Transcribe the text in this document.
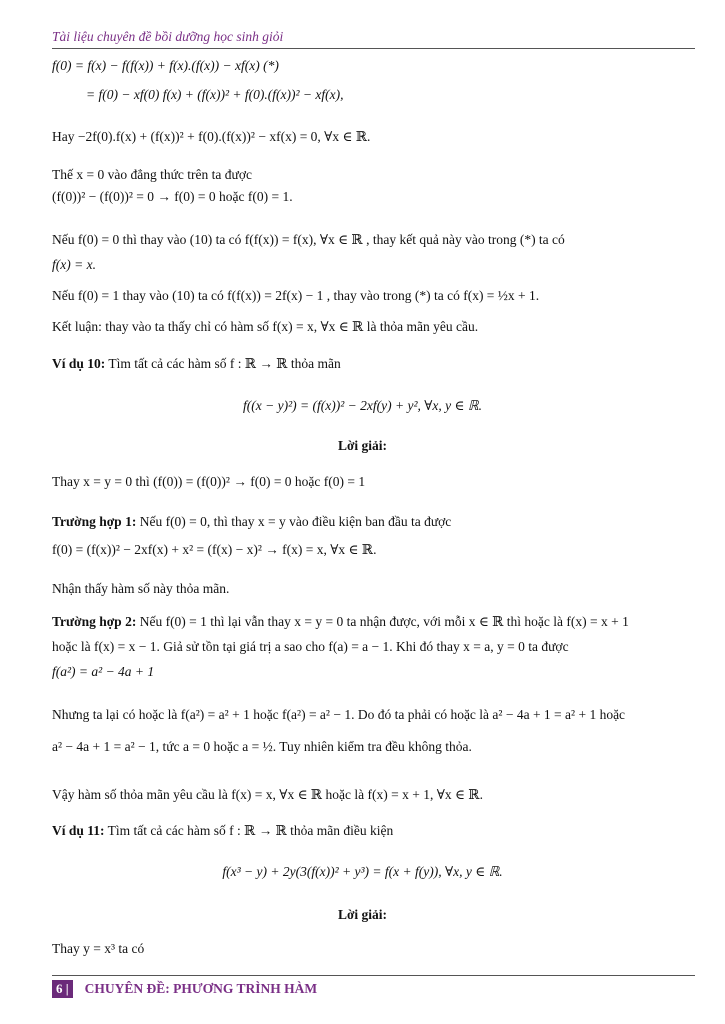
Tài liệu chuyên đề bồi dưỡng học sinh giỏi
f(0) = f(x) − f(f(x)) + f(x).(f(x)) − xf(x) (*)
= f(0) − xf(0) f(x) + (f(x))² + f(0).(f(x))² − xf(x),
Hay −2f(0).f(x) + (f(x))² + f(0).(f(x))² − xf(x) = 0, ∀x ∈ ℝ.
Thế x = 0 vào đẳng thức trên ta được
(f(0))² − (f(0))² = 0 → f(0) = 0 hoặc f(0) = 1.
Nếu f(0) = 0 thì thay vào (10) ta có f(f(x)) = f(x), ∀x ∈ ℝ , thay kết quả này vào trong (*) ta có
f(x) = x.
Nếu f(0) = 1 thay vào (10) ta có f(f(x)) = 2f(x) − 1 , thay vào trong (*) ta có f(x) = ½x + 1.
Kết luận: thay vào ta thấy chỉ có hàm số f(x) = x, ∀x ∈ ℝ là thỏa mãn yêu cầu.
Ví dụ 10: Tìm tất cả các hàm số f : ℝ → ℝ thỏa mãn
f((x − y)²) = (f(x))² − 2xf(y) + y², ∀x, y ∈ ℝ.
Lời giải:
Thay x = y = 0 thì (f(0)) = (f(0))² → f(0) = 0 hoặc f(0) = 1
Trường hợp 1: Nếu f(0) = 0, thì thay x = y vào điều kiện ban đầu ta được
f(0) = (f(x))² − 2xf(x) + x² = (f(x) − x)² → f(x) = x, ∀x ∈ ℝ.
Nhận thấy hàm số này thỏa mãn.
Trường hợp 2: Nếu f(0) = 1 thì lại vẫn thay x = y = 0 ta nhận được, với mỗi x ∈ ℝ thì hoặc là f(x) = x + 1
hoặc là f(x) = x − 1. Giả sử tồn tại giá trị a sao cho f(a) = a − 1. Khi đó thay x = a, y = 0 ta được
f(a²) = a² − 4a + 1
Nhưng ta lại có hoặc là f(a²) = a² + 1 hoặc f(a²) = a² − 1. Do đó ta phải có hoặc là a² − 4a + 1 = a² + 1 hoặc
a² − 4a + 1 = a² − 1, tức a = 0 hoặc a = ½. Tuy nhiên kiểm tra đều không thỏa.
Vậy hàm số thỏa mãn yêu cầu là f(x) = x, ∀x ∈ ℝ hoặc là f(x) = x + 1, ∀x ∈ ℝ.
Ví dụ 11: Tìm tất cả các hàm số f : ℝ → ℝ thỏa mãn điều kiện
f(x³ − y) + 2y(3(f(x))² + y³) = f(x + f(y)), ∀x, y ∈ ℝ.
Lời giải:
Thay y = x³ ta có
6 | CHUYÊN ĐỀ: PHƯƠNG TRÌNH HÀM
